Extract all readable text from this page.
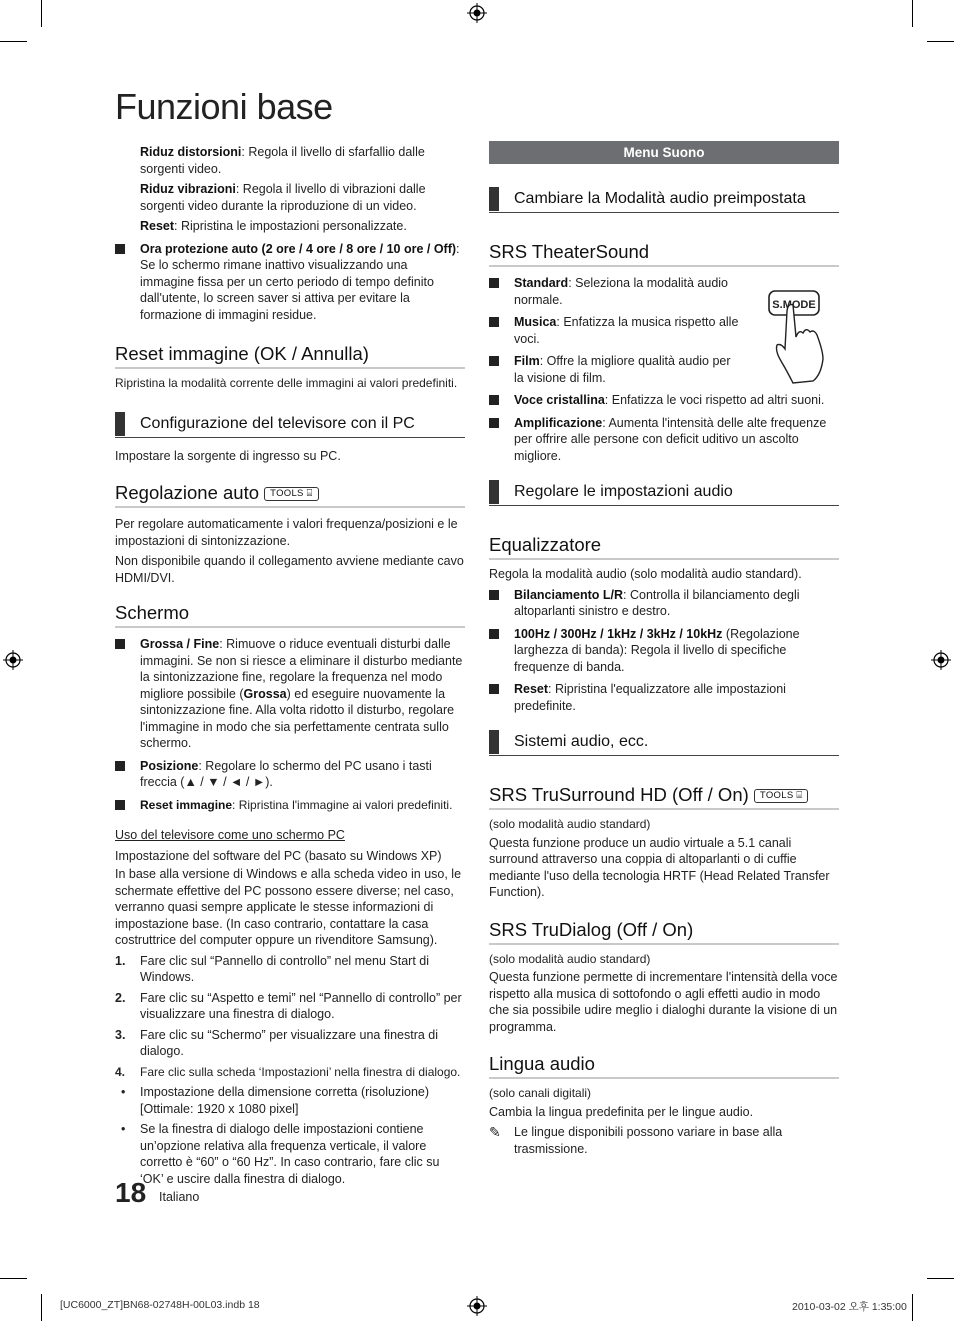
Funzioni base

Riduz distorsioni: Regola il livello di sfarfallio dalle sorgenti video.

Riduz vibrazioni: Regola il livello di vibrazioni dalle sorgenti video durante la riproduzione di un video.

Reset: Ripristina le impostazioni personalizzate.

Ora protezione auto (2 ore / 4 ore / 8 ore / 10 ore / Off): Se lo schermo rimane inattivo visualizzando una immagine fissa per un certo periodo di tempo definito dall'utente, lo screen saver si attiva per evitare la formazione di immagini residue.

Reset immagine (OK / Annulla)

Ripristina la modalità corrente delle immagini ai valori predefiniti.

Configurazione del televisore con il PC

Impostare la sorgente di ingresso su PC.

Regolazione auto TOOLS ⌸

Per regolare automaticamente i valori frequenza/posizioni e le impostazioni di sintonizzazione.

Non disponibile quando il collegamento avviene mediante cavo HDMI/DVI.

Schermo

Grossa / Fine: Rimuove o riduce eventuali disturbi dalle immagini. Se non si riesce a eliminare il disturbo mediante la sintonizzazione fine, regolare la frequenza nel modo migliore possibile (Grossa) ed eseguire nuovamente la sintonizzazione fine. Alla volta ridotto il disturbo, regolare l'immagine in modo che sia perfettamente centrata sullo schermo.

Posizione: Regolare lo schermo del PC usano i tasti freccia (▲ / ▼ / ◄ / ►).

Reset immagine: Ripristina l'immagine ai valori predefiniti.

Uso del televisore come uno schermo PC

Impostazione del software del PC (basato su Windows XP)

In base alla versione di Windows e alla scheda video in uso, le schermate effettive del PC possono essere diverse; nel caso, verranno quasi sempre applicate le stesse informazioni di impostazione base. (In caso contrario, contattare la casa costruttrice del computer oppure un rivenditore Samsung).

1. Fare clic sul “Pannello di controllo” nel menu Start di Windows.

2. Fare clic su “Aspetto e temi” nel “Pannello di controllo” per visualizzare una finestra di dialogo.

3. Fare clic su “Schermo” per visualizzare una finestra di dialogo.

4. Fare clic sulla scheda ‘Impostazioni’ nella finestra di dialogo.

• Impostazione della dimensione corretta (risoluzione) [Ottimale: 1920 x 1080 pixel]

• Se la finestra di dialogo delle impostazioni contiene un’opzione relativa alla frequenza verticale, il valore corretto è “60” o “60 Hz”. In caso contrario, fare clic su ‘OK’ e uscire dalla finestra di dialogo.

Menu Suono
Cambiare la Modalità audio preimpostata
SRS TheaterSound
S.MODE

Standard: Seleziona la modalità audio normale.

Musica: Enfatizza la musica rispetto alle voci.

Film: Offre la migliore qualità audio per la visione di film.

Voce cristallina: Enfatizza le voci rispetto ad altri suoni.

Amplificazione: Aumenta l'intensità delle alte frequenze per offrire alle persone con deficit uditivo un ascolto migliore.

Regolare le impostazioni audio
Equalizzatore

Regola la modalità audio (solo modalità audio standard).

Bilanciamento L/R: Controlla il bilanciamento degli altoparlanti sinistro e destro.

100Hz / 300Hz / 1kHz / 3kHz / 10kHz (Regolazione larghezza di banda): Regola il livello di specifiche frequenze di banda.

Reset: Ripristina l'equalizzatore alle impostazioni predefinite.

Sistemi audio, ecc.
SRS TruSurround HD (Off / On) TOOLS ⌸

(solo modalità audio standard)

Questa funzione produce un audio virtuale a 5.1 canali surround attraverso una coppia di altoparlanti o di cuffie mediante l'uso della tecnologia HRTF (Head Related Transfer Function).

SRS TruDialog (Off / On)

(solo modalità audio standard)

Questa funzione permette di incrementare l'intensità della voce rispetto alla musica di sottofondo o agli effetti audio in modo che sia possibile udire meglio i dialoghi durante la visione di un programma.

Lingua audio

(solo canali digitali)

Cambia la lingua predefinita per le lingue audio.

✎ Le lingue disponibili possono variare in base alla trasmissione.

18 Italiano
[UC6000_ZT]BN68-02748H-00L03.indb 18	2010-03-02 오후 1:35:00
